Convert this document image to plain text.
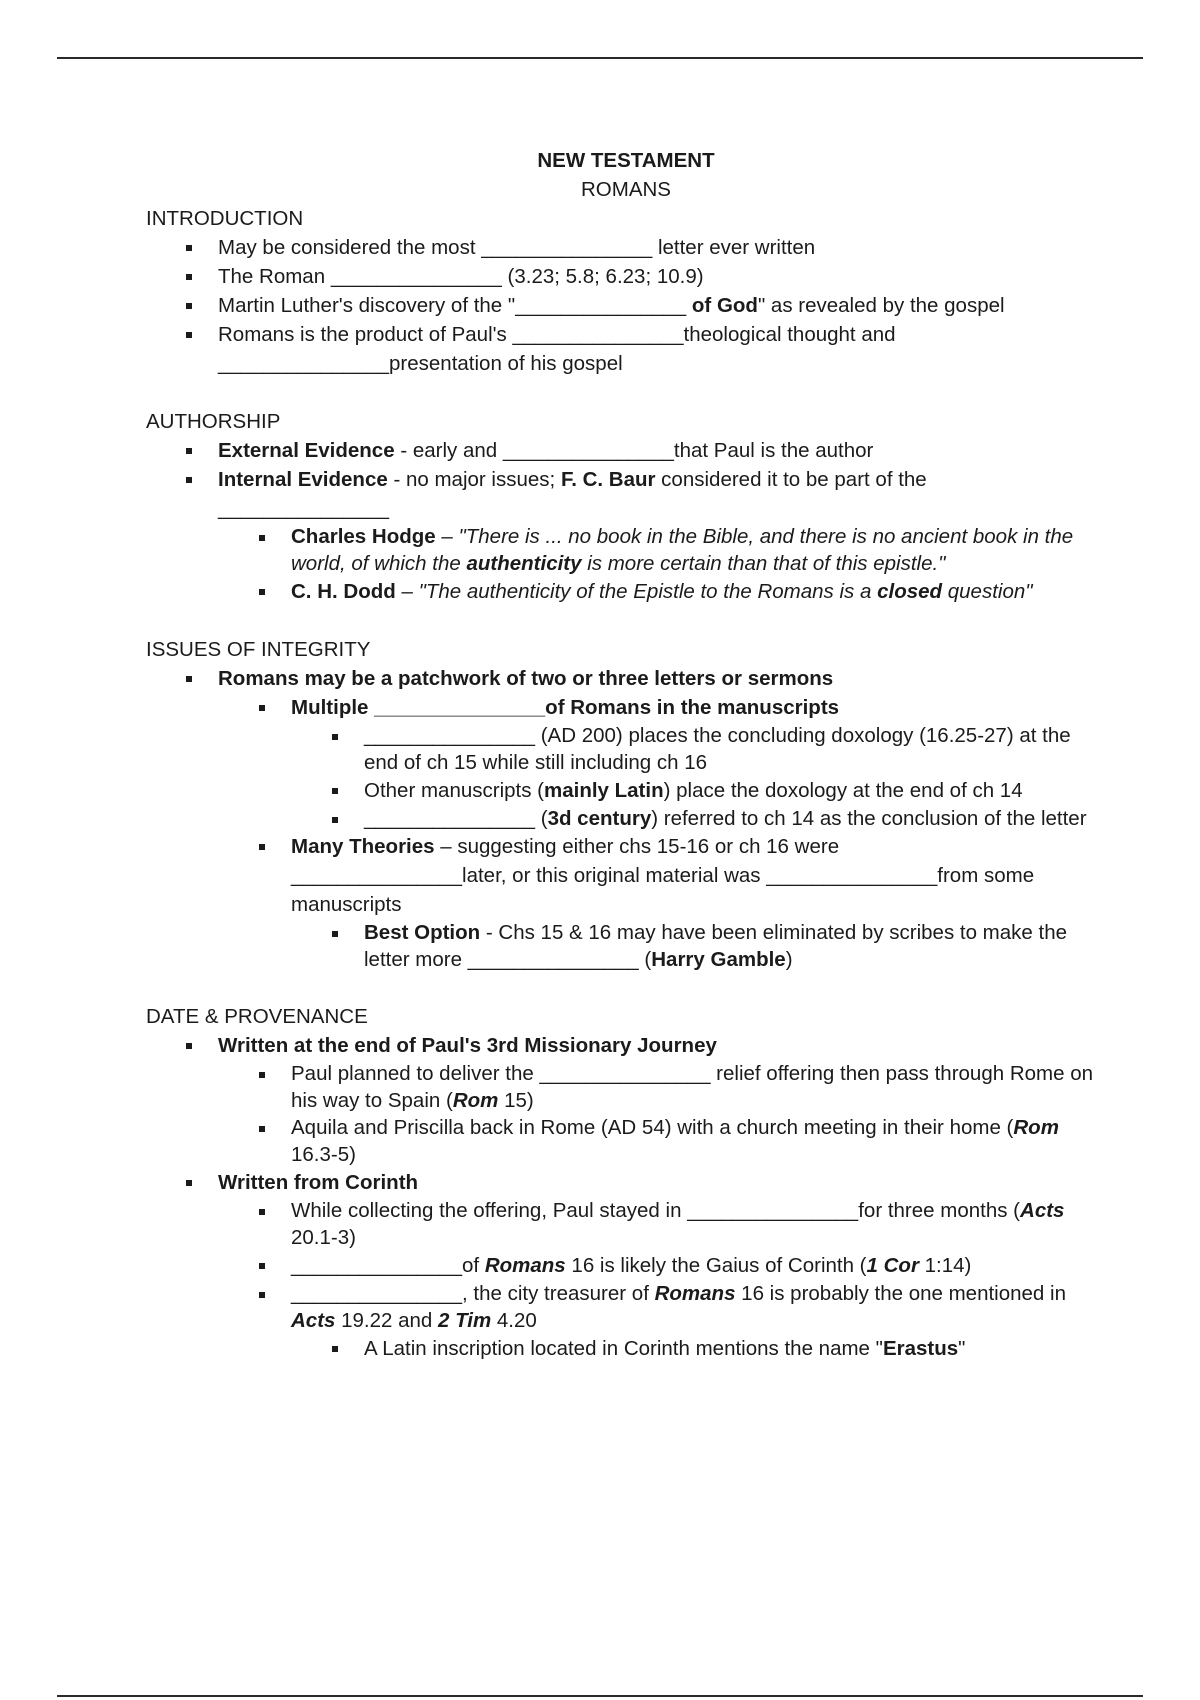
NEW TESTAMENT
ROMANS
INTRODUCTION
May be considered the most _______________ letter ever written
The Roman _______________ (3.23; 5.8; 6.23; 10.9)
Martin Luther's discovery of the "_______________ of God" as revealed by the gospel
Romans is the product of Paul's _______________theological thought and
_______________presentation of his gospel
AUTHORSHIP
External Evidence - early and _______________that Paul is the author
Internal Evidence - no major issues; F. C. Baur considered it to be part of the
_______________
Charles Hodge – "There is ... no book in the Bible, and there is no ancient book in the world, of which the authenticity is more certain than that of this epistle."
C. H. Dodd – "The authenticity of the Epistle to the Romans is a closed question"
ISSUES OF INTEGRITY
Romans may be a patchwork of two or three letters or sermons
Multiple _______________of Romans in the manuscripts
_______________ (AD 200) places the concluding doxology (16.25-27) at the end of ch 15 while still including ch 16
Other manuscripts (mainly Latin) place the doxology at the end of ch 14
_______________ (3d century) referred to ch 14 as the conclusion of the letter
Many Theories – suggesting either chs 15-16 or ch 16 were
_______________later, or this original material was _______________from some manuscripts
Best Option - Chs 15 & 16 may have been eliminated by scribes to make the letter more _______________ (Harry Gamble)
DATE & PROVENANCE
Written at the end of Paul's 3rd Missionary Journey
Paul planned to deliver the _______________ relief offering then pass through Rome on his way to Spain (Rom 15)
Aquila and Priscilla back in Rome (AD 54) with a church meeting in their home (Rom 16.3-5)
Written from Corinth
While collecting the offering, Paul stayed in _______________for three months (Acts 20.1-3)
_______________of Romans 16 is likely the Gaius of Corinth (1 Cor 1:14)
_______________, the city treasurer of Romans 16 is probably the one mentioned in Acts 19.22 and 2 Tim 4.20
A Latin inscription located in Corinth mentions the name "Erastus"
